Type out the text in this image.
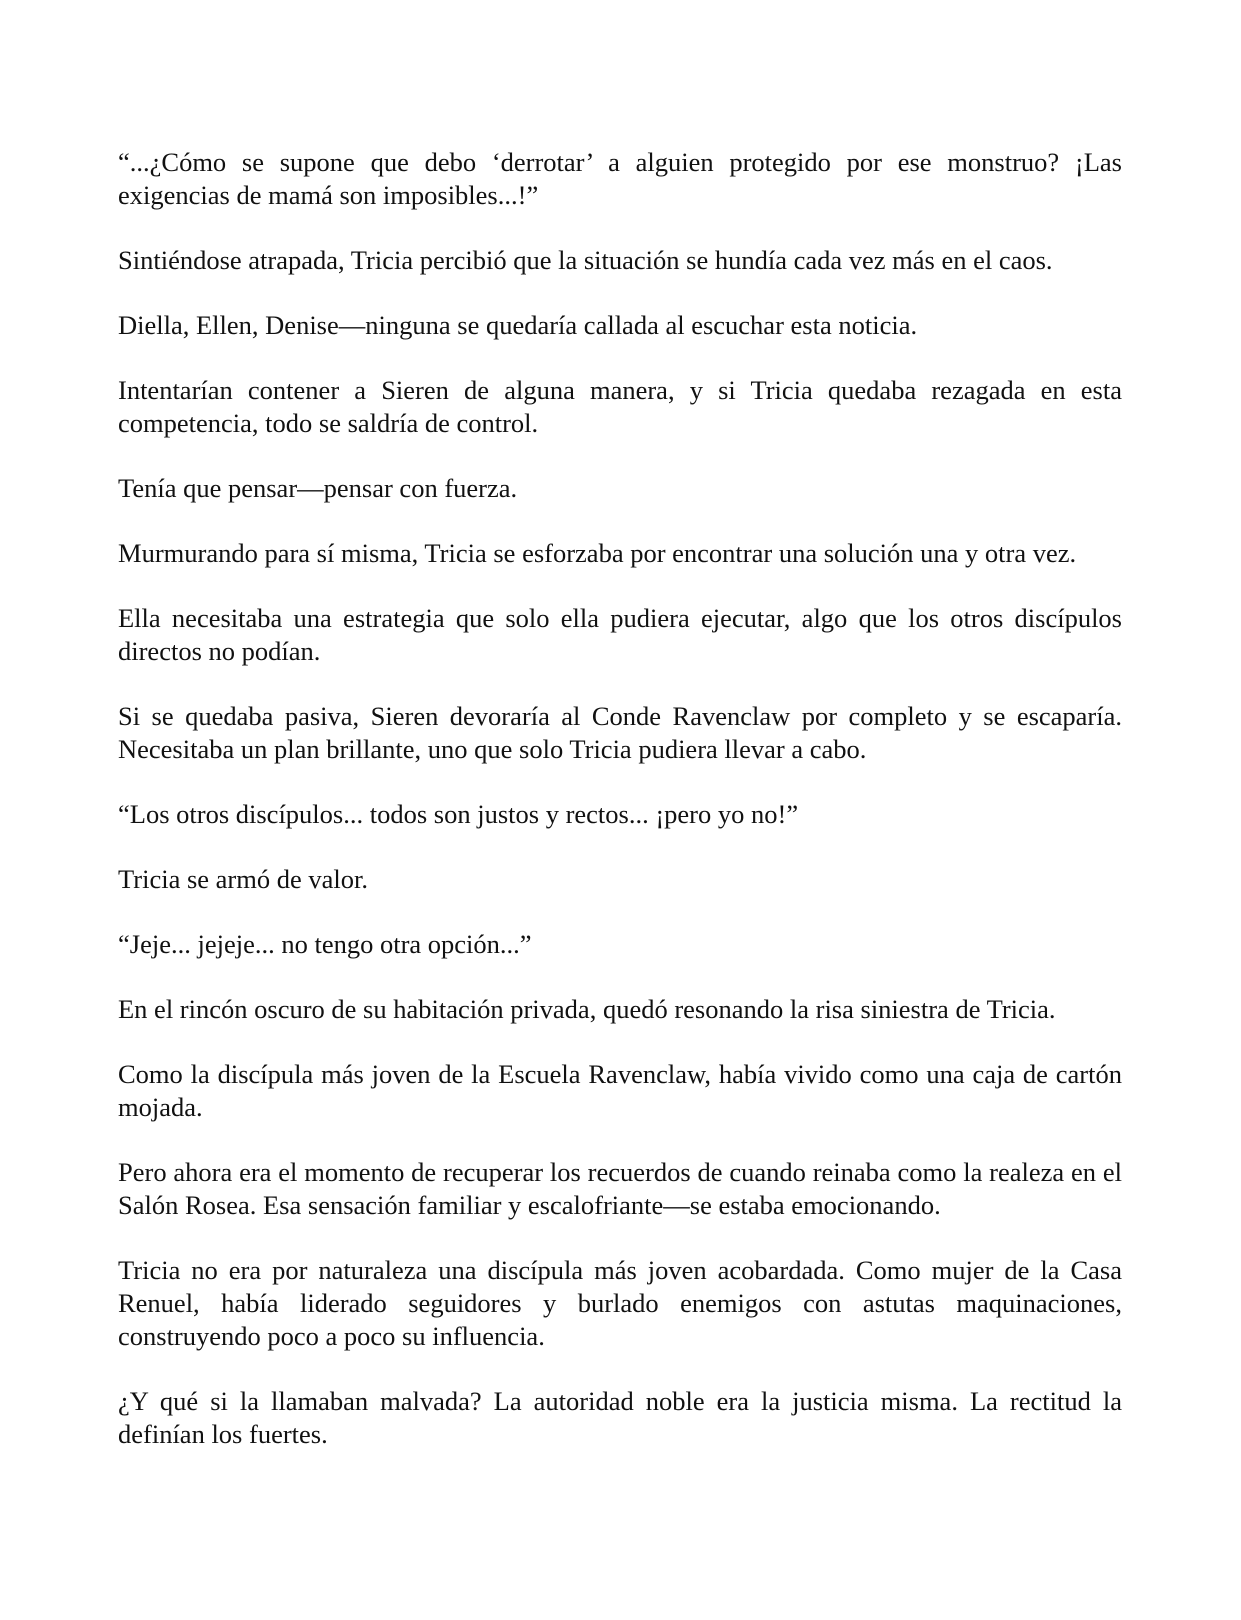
“...¿Cómo se supone que debo ‘derrotar’ a alguien protegido por ese monstruo? ¡Las exigencias de mamá son imposibles...!”

Sintiéndose atrapada, Tricia percibió que la situación se hundía cada vez más en el caos.

Diella, Ellen, Denise—ninguna se quedaría callada al escuchar esta noticia.

Intentarían contener a Sieren de alguna manera, y si Tricia quedaba rezagada en esta competencia, todo se saldría de control.

Tenía que pensar—pensar con fuerza.

Murmurando para sí misma, Tricia se esforzaba por encontrar una solución una y otra vez.

Ella necesitaba una estrategia que solo ella pudiera ejecutar, algo que los otros discípulos directos no podían.

Si se quedaba pasiva, Sieren devoraría al Conde Ravenclaw por completo y se escaparía. Necesitaba un plan brillante, uno que solo Tricia pudiera llevar a cabo.

“Los otros discípulos... todos son justos y rectos... ¡pero yo no!”

Tricia se armó de valor.

“Jeje... jejeje... no tengo otra opción...”

En el rincón oscuro de su habitación privada, quedó resonando la risa siniestra de Tricia.

Como la discípula más joven de la Escuela Ravenclaw, había vivido como una caja de cartón mojada.

Pero ahora era el momento de recuperar los recuerdos de cuando reinaba como la realeza en el Salón Rosea. Esa sensación familiar y escalofriante—se estaba emocionando.

Tricia no era por naturaleza una discípula más joven acobardada. Como mujer de la Casa Renuel, había liderado seguidores y burlado enemigos con astutas maquinaciones, construyendo poco a poco su influencia.

¿Y qué si la llamaban malvada? La autoridad noble era la justicia misma. La rectitud la definían los fuertes.
